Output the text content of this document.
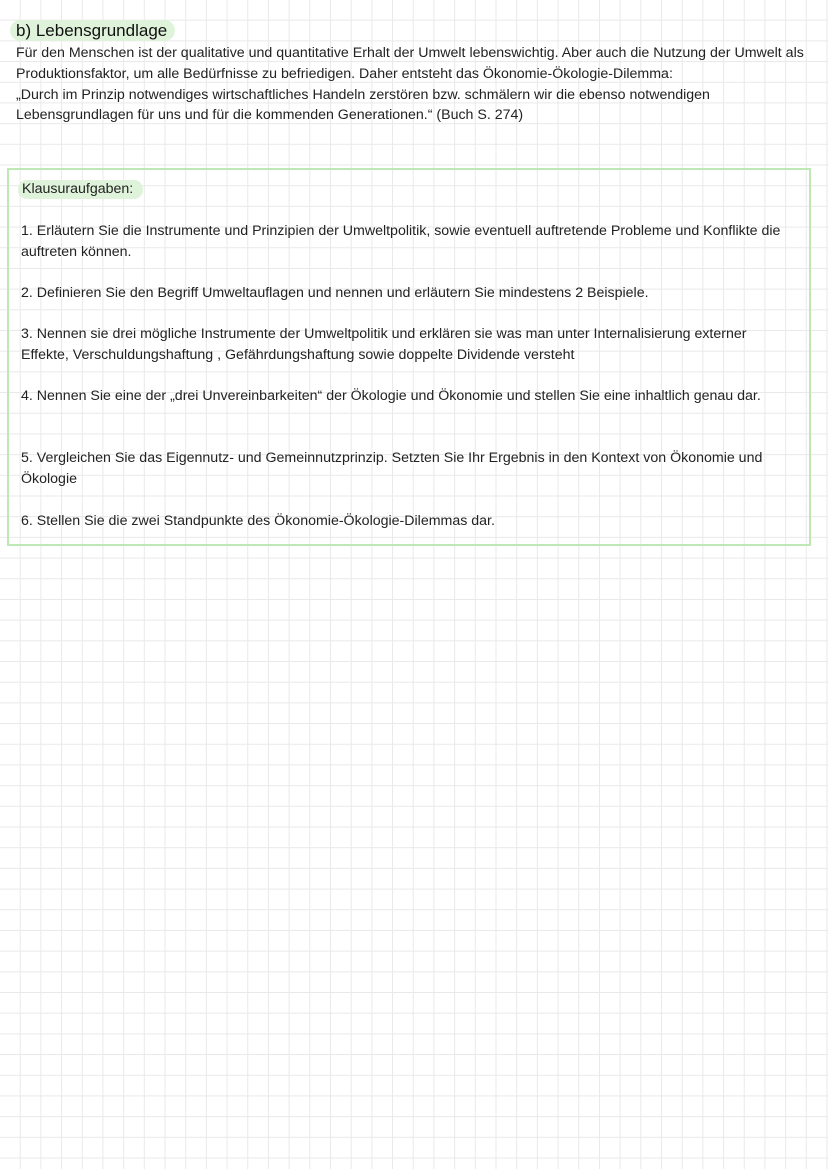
b) Lebensgrundlage

Für den Menschen ist der qualitative und quantitative Erhalt der Umwelt lebenswichtig. Aber auch die Nutzung der Umwelt als Produktionsfaktor, um alle Bedürfnisse zu befriedigen. Daher entsteht das Ökonomie-Ökologie-Dilemma:

„Durch im Prinzip notwendiges wirtschaftliches Handeln zerstören bzw. schmälern wir die ebenso notwendigen Lebensgrundlagen für uns und für die kommenden Generationen.“ (Buch S. 274)

Klausuraufgaben:

1. Erläutern Sie die Instrumente und Prinzipien der Umweltpolitik, sowie eventuell auftretende Probleme und Konflikte die auftreten können.

2. Definieren Sie den Begriff Umweltauflagen und nennen und erläutern Sie mindestens 2 Beispiele.

3. Nennen sie drei mögliche Instrumente der Umweltpolitik und erklären sie was man unter Internalisierung externer Effekte, Verschuldungshaftung , Gefährdungshaftung sowie doppelte Dividende versteht

4. Nennen Sie eine der „drei Unvereinbarkeiten“ der Ökologie und Ökonomie und stellen Sie eine inhaltlich genau dar.

5. Vergleichen Sie das Eigennutz- und Gemeinnutzprinzip. Setzten Sie Ihr Ergebnis in den Kontext von Ökonomie und Ökologie

6. Stellen Sie die zwei Standpunkte des Ökonomie-Ökologie-Dilemmas dar.
